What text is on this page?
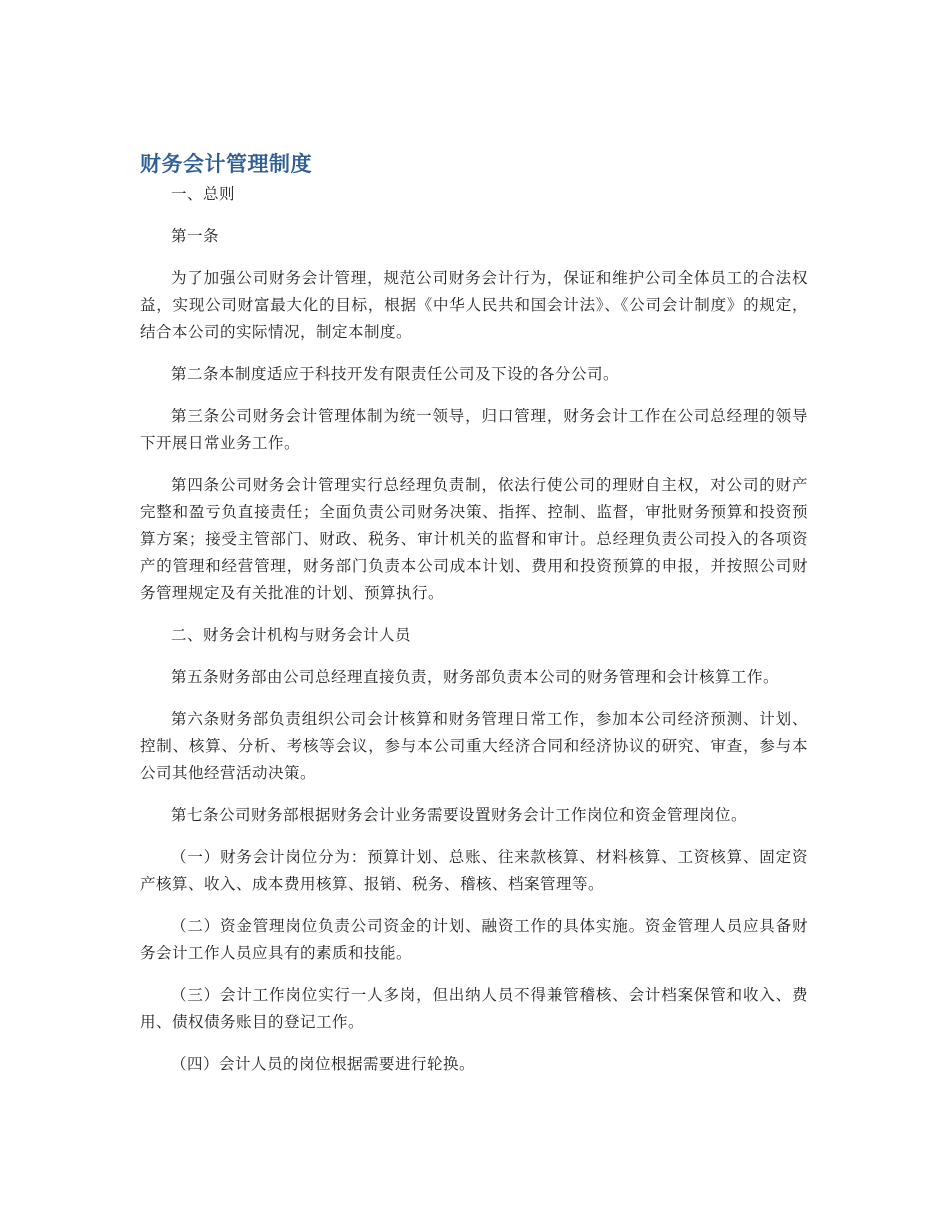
财务会计管理制度

一、总则

第一条

为了加强公司财务会计管理，规范公司财务会计行为，保证和维护公司全体员工的合法权益，实现公司财富最大化的目标，根据《中华人民共和国会计法》、《公司会计制度》的规定，结合本公司的实际情况，制定本制度。

第二条本制度适应于科技开发有限责任公司及下设的各分公司。

第三条公司财务会计管理体制为统一领导，归口管理，财务会计工作在公司总经理的领导下开展日常业务工作。

第四条公司财务会计管理实行总经理负责制，依法行使公司的理财自主权，对公司的财产完整和盈亏负直接责任；全面负责公司财务决策、指挥、控制、监督，审批财务预算和投资预算方案；接受主管部门、财政、税务、审计机关的监督和审计。总经理负责公司投入的各项资产的管理和经营管理，财务部门负责本公司成本计划、费用和投资预算的申报，并按照公司财务管理规定及有关批准的计划、预算执行。

二、财务会计机构与财务会计人员

第五条财务部由公司总经理直接负责，财务部负责本公司的财务管理和会计核算工作。

第六条财务部负责组织公司会计核算和财务管理日常工作，参加本公司经济预测、计划、控制、核算、分析、考核等会议，参与本公司重大经济合同和经济协议的研究、审查，参与本公司其他经营活动决策。

第七条公司财务部根据财务会计业务需要设置财务会计工作岗位和资金管理岗位。

（一）财务会计岗位分为：预算计划、总账、往来款核算、材料核算、工资核算、固定资产核算、收入、成本费用核算、报销、税务、稽核、档案管理等。

（二）资金管理岗位负责公司资金的计划、融资工作的具体实施。资金管理人员应具备财务会计工作人员应具有的素质和技能。

（三）会计工作岗位实行一人多岗，但出纳人员不得兼管稽核、会计档案保管和收入、费用、债权债务账目的登记工作。

（四）会计人员的岗位根据需要进行轮换。
